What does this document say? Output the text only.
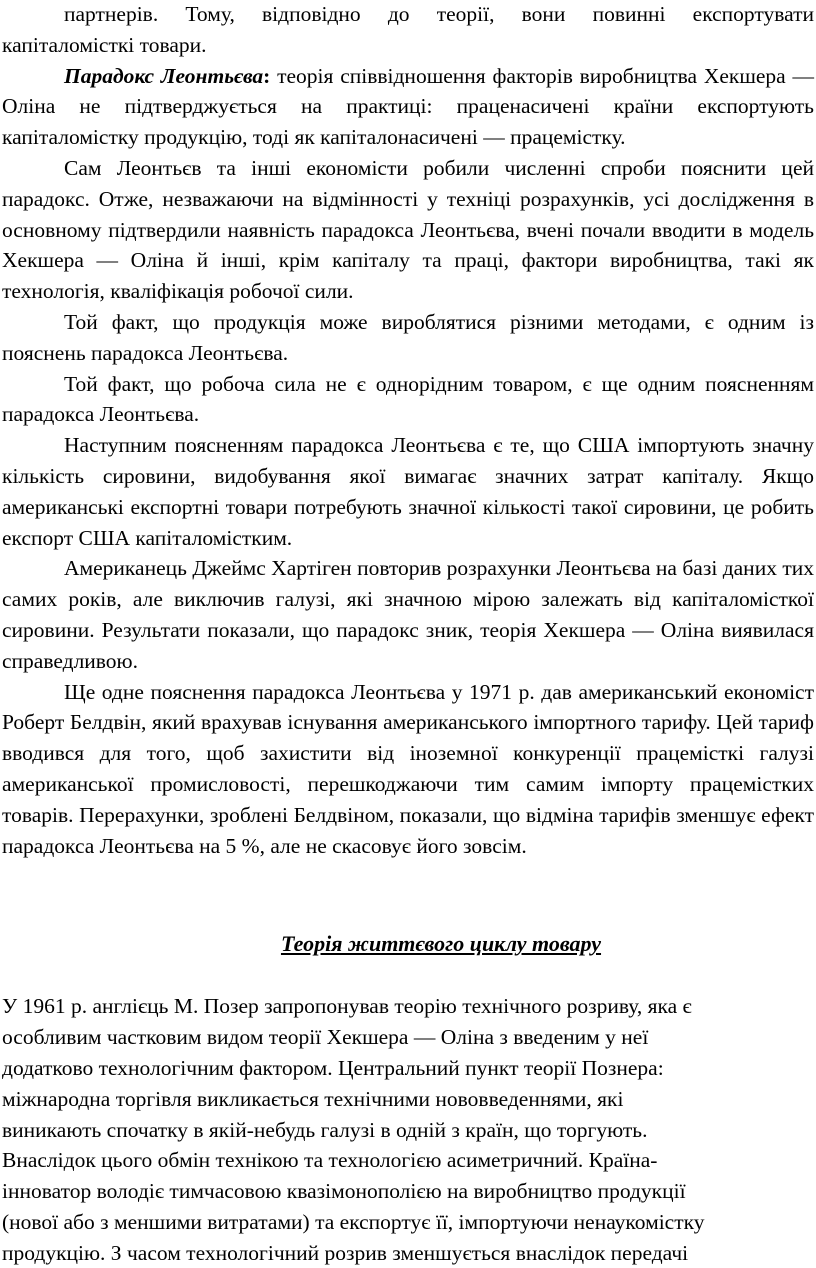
партнерів. Тому, відповідно до теорії, вони повинні експортувати

капіталомісткі товари.

Парадокс Леонтьєва: теорія співвідношення факторів виробництва Хекшера — Оліна не підтверджується на практиці: праценасичені країни експортують капіталомістку продукцію, тоді як капіталонасичені — працемістку.

Сам Леонтьєв та інші економісти робили численні спроби пояснити цей парадокс. Отже, незважаючи на відмінності у техніці розрахунків, усі дослідження в основному підтвердили наявність парадокса Леонтьєва, вчені почали вводити в модель Хекшера — Оліна й інші, крім капіталу та праці, фактори виробництва, такі як технологія, кваліфікація робочої сили.

Той факт, що продукція може вироблятися різними методами, є одним із пояснень парадокса Леонтьєва.

Той факт, що робоча сила не є однорідним товаром, є ще одним поясненням парадокса Леонтьєва.

Наступним поясненням парадокса Леонтьєва є те, що США імпортують значну кількість сировини, видобування якої вимагає значних затрат капіталу. Якщо американські експортні товари потребують значної кількості такої сировини, це робить експорт США капіталомістким.

Американець Джеймс Хартіген повторив розрахунки Леонтьєва на базі даних тих самих років, але виключив галузі, які значною мірою залежать від капіталомісткої сировини. Результати показали, що парадокс зник, теорія Хекшера — Оліна виявилася справедливою.

Ще одне пояснення парадокса Леонтьєва у 1971 р. дав американський економіст Роберт Белдвін, який врахував існування американського імпортного тарифу. Цей тариф вводився для того, щоб захистити від іноземної конкуренції працемісткі галузі американської промисловості, перешкоджаючи тим самим імпорту працемістких товарів. Перерахунки, зроблені Белдвіном, показали, що відміна тарифів зменшує ефект парадокса Леонтьєва на 5 %, але не скасовує його зовсім.

Теорія життєвого циклу товару

У 1961 р. англієць М. Позер запропонував теорію технічного розриву, яка є

особливим частковим видом теорії Хекшера — Оліна з введеним у неї

додатково технологічним фактором. Центральний пункт теорії Познера:

міжнародна торгівля викликається технічними нововведеннями, які

виникають спочатку в якій-небудь галузі в одній з країн, що торгують.

Внаслідок цього обмін технікою та технологією асиметричний. Країна-

інноватор володіє тимчасовою квазімонополією на виробництво продукції

(нової або з меншими витратами) та експортує її, імпортуючи ненаукомістку

продукцію. З часом технологічний розрив зменшується внаслідок передачі
